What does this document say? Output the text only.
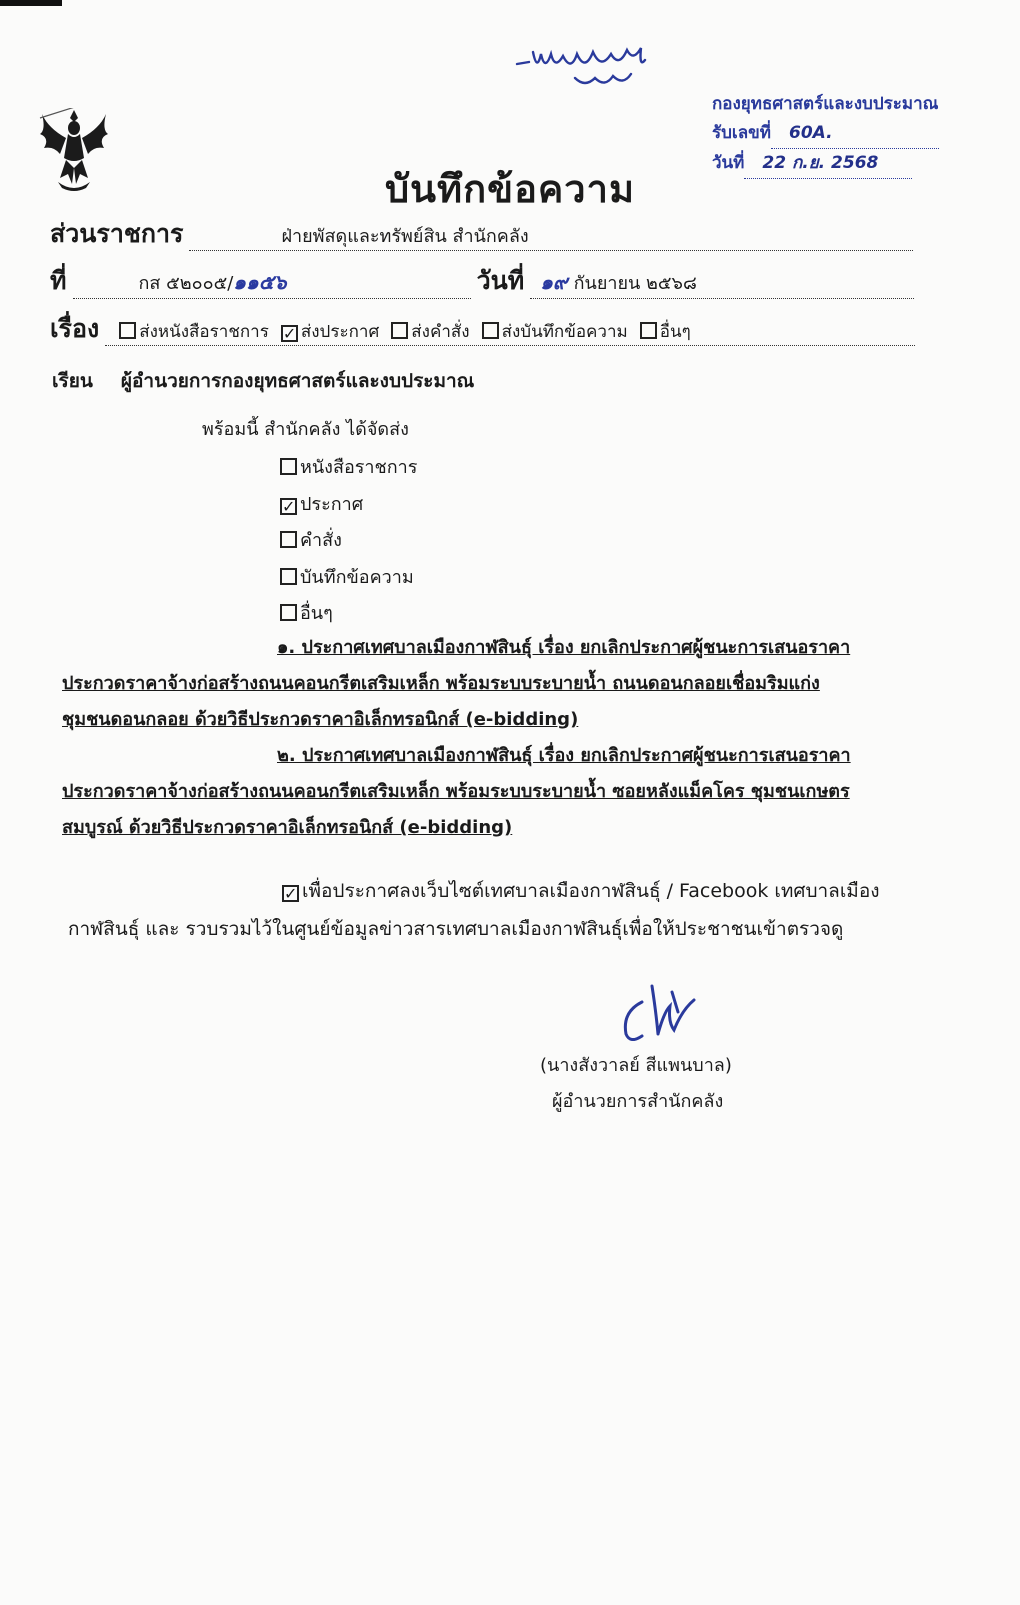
กองยุทธศาสตร์และงบประมาณ
รับเลขที่ 60A.
วันที่ 22 ก.ย. 2568
บันทึกข้อความ
ส่วนราชการ	ฝ่ายพัสดุและทรัพย์สิน สำนักคลัง
ที่	กส ๕๒๐๐๕/๑๑๕๖	วันที่ ๑๙ กันยายน ๒๕๖๘
เรื่อง ส่งหนังสือราชการ ✓ ส่งประกาศ ส่งคำสั่ง ส่งบันทึกข้อความ อื่นๆ
เรียน ผู้อำนวยการกองยุทธศาสตร์และงบประมาณ
พร้อมนี้ สำนักคลัง ได้จัดส่ง
หนังสือราชการ
✓ ประกาศ
คำสั่ง
บันทึกข้อความ
อื่นๆ
๑. ประกาศเทศบาลเมืองกาฬสินธุ์ เรื่อง ยกเลิกประกาศผู้ชนะการเสนอราคา
ประกวดราคาจ้างก่อสร้างถนนคอนกรีตเสริมเหล็ก พร้อมระบบระบายน้ำ ถนนดอนกลอยเชื่อมริมแก่ง
ชุมชนดอนกลอย ด้วยวิธีประกวดราคาอิเล็กทรอนิกส์ (e-bidding)
๒. ประกาศเทศบาลเมืองกาฬสินธุ์ เรื่อง ยกเลิกประกาศผู้ชนะการเสนอราคา
ประกวดราคาจ้างก่อสร้างถนนคอนกรีตเสริมเหล็ก พร้อมระบบระบายน้ำ ซอยหลังแม็คโคร ชุมชนเกษตร
สมบูรณ์ ด้วยวิธีประกวดราคาอิเล็กทรอนิกส์ (e-bidding)
✓ เพื่อประกาศลงเว็บไซต์เทศบาลเมืองกาฬสินธุ์ / Facebook เทศบาลเมือง
กาฬสินธุ์ และ รวบรวมไว้ในศูนย์ข้อมูลข่าวสารเทศบาลเมืองกาฬสินธุ์เพื่อให้ประชาชนเข้าตรวจดู
(นางสังวาลย์ สีแพนบาล)
ผู้อำนวยการสำนักคลัง
